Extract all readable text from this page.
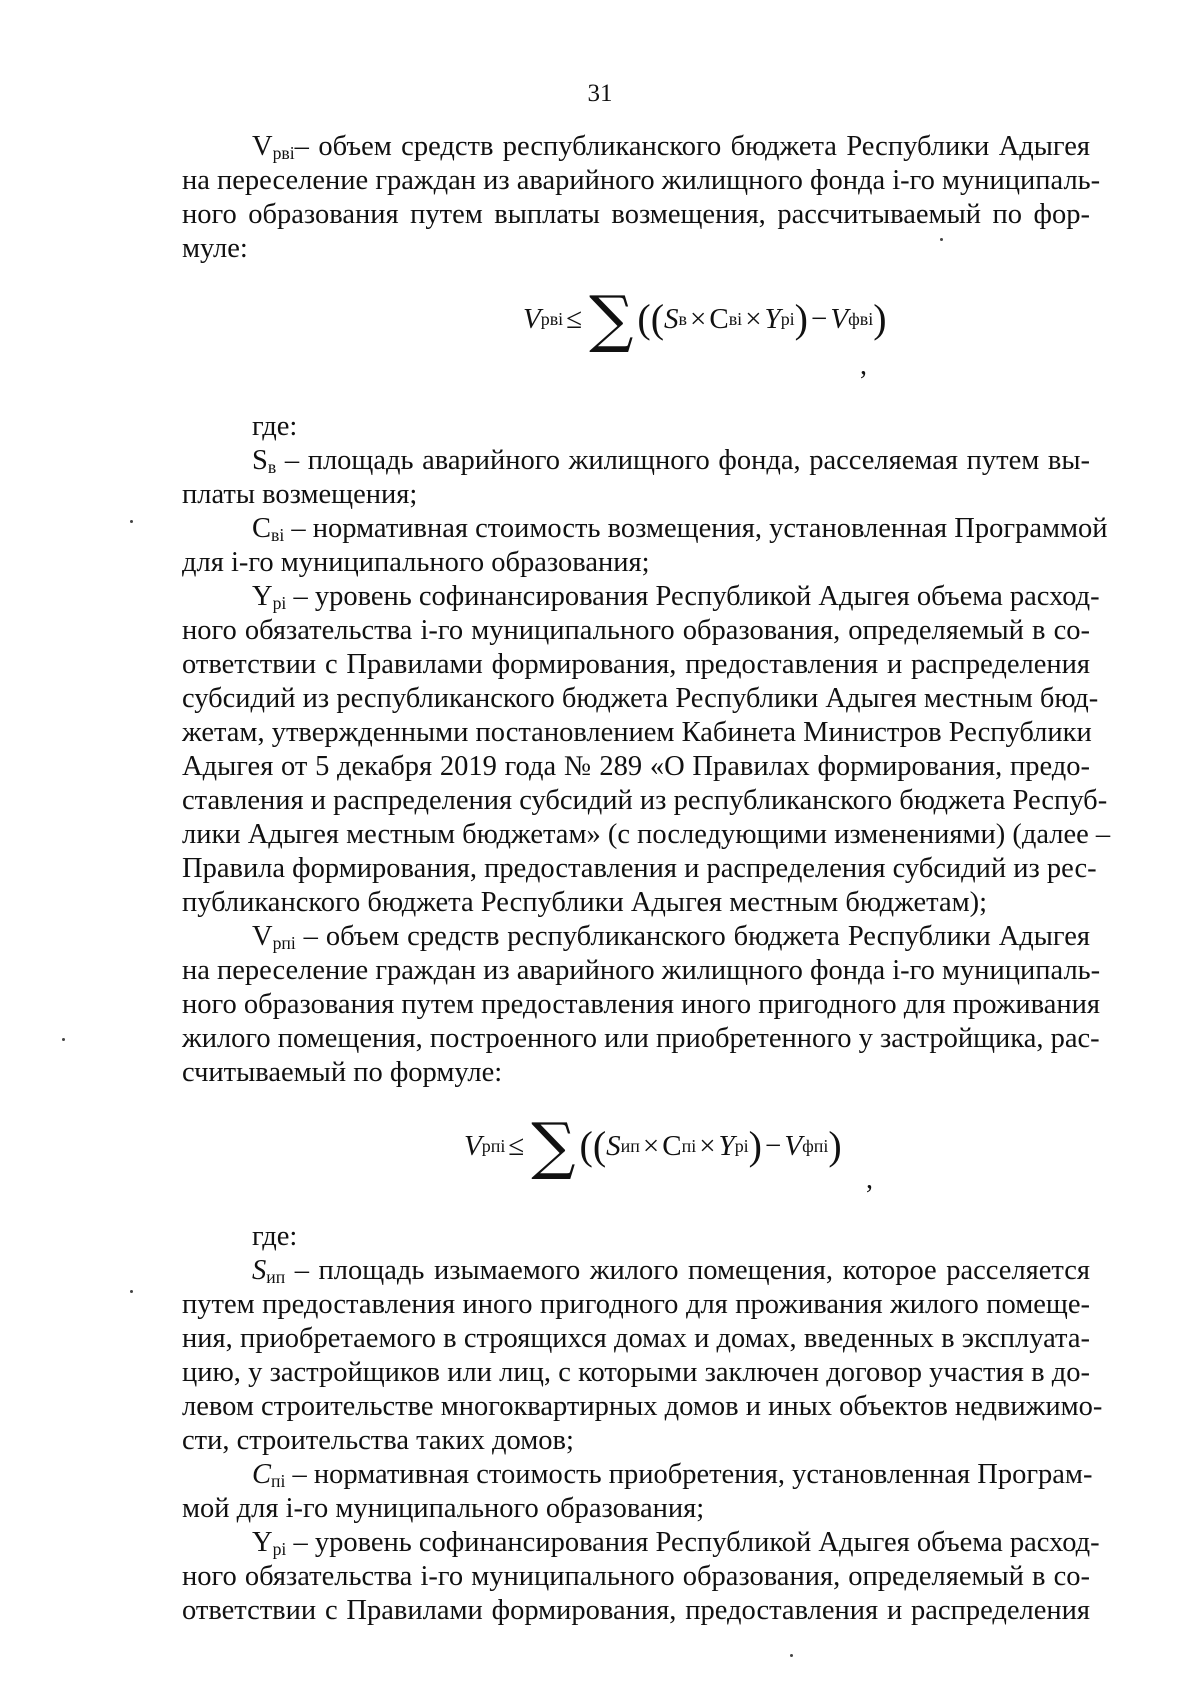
31
$V_{рвi}-$ объем средств республиканского бюджета Республики Адыгея
на переселение граждан из аварийного жилищного фонда i-го муниципаль-
ного образования путем выплаты возмещения, рассчитываемый по фор-
муле:
V рвi ≤ ∑ (( S в × C вi × Y рi ) − V фвi )
,
где:
$S_в$ – площадь аварийного жилищного фонда, расселяемая путем вы-
платы возмещения;
$С_{вi}$ – нормативная стоимость возмещения, установленная Программой
для i-го муниципального образования;
$Y_{рi}$ – уровень софинансирования Республикой Адыгея объема расход-
ного обязательства i-го муниципального образования, определяемый в со-
ответствии с Правилами формирования, предоставления и распределения
субсидий из республиканского бюджета Республики Адыгея местным бюд-
жетам, утвержденными постановлением Кабинета Министров Республики
Адыгея от 5 декабря 2019 года № 289 «О Правилах формирования, предо-
ставления и распределения субсидий из республиканского бюджета Респуб-
лики Адыгея местным бюджетам» (с последующими изменениями) (далее –
Правила формирования, предоставления и распределения субсидий из рес-
публиканского бюджета Республики Адыгея местным бюджетам);
$V_{рпi}$ – объем средств республиканского бюджета Республики Адыгея
на переселение граждан из аварийного жилищного фонда i-го муниципаль-
ного образования путем предоставления иного пригодного для проживания
жилого помещения, построенного или приобретенного у застройщика, рас-
считываемый по формуле:
V рпi ≤ ∑ (( S ип × C пi × Y рi ) − V фпi )
,
где:
$S_{ип}$ – площадь изымаемого жилого помещения, которое расселяется
путем предоставления иного пригодного для проживания жилого помеще-
ния, приобретаемого в строящихся домах и домах, введенных в эксплуата-
цию, у застройщиков или лиц, с которыми заключен договор участия в до-
левом строительстве многоквартирных домов и иных объектов недвижимо-
сти, строительства таких домов;
$С_{пi}$ – нормативная стоимость приобретения, установленная Програм-
мой для i-го муниципального образования;
$Y_{рi}$ – уровень софинансирования Республикой Адыгея объема расход-
ного обязательства i-го муниципального образования, определяемый в со-
ответствии с Правилами формирования, предоставления и распределения
